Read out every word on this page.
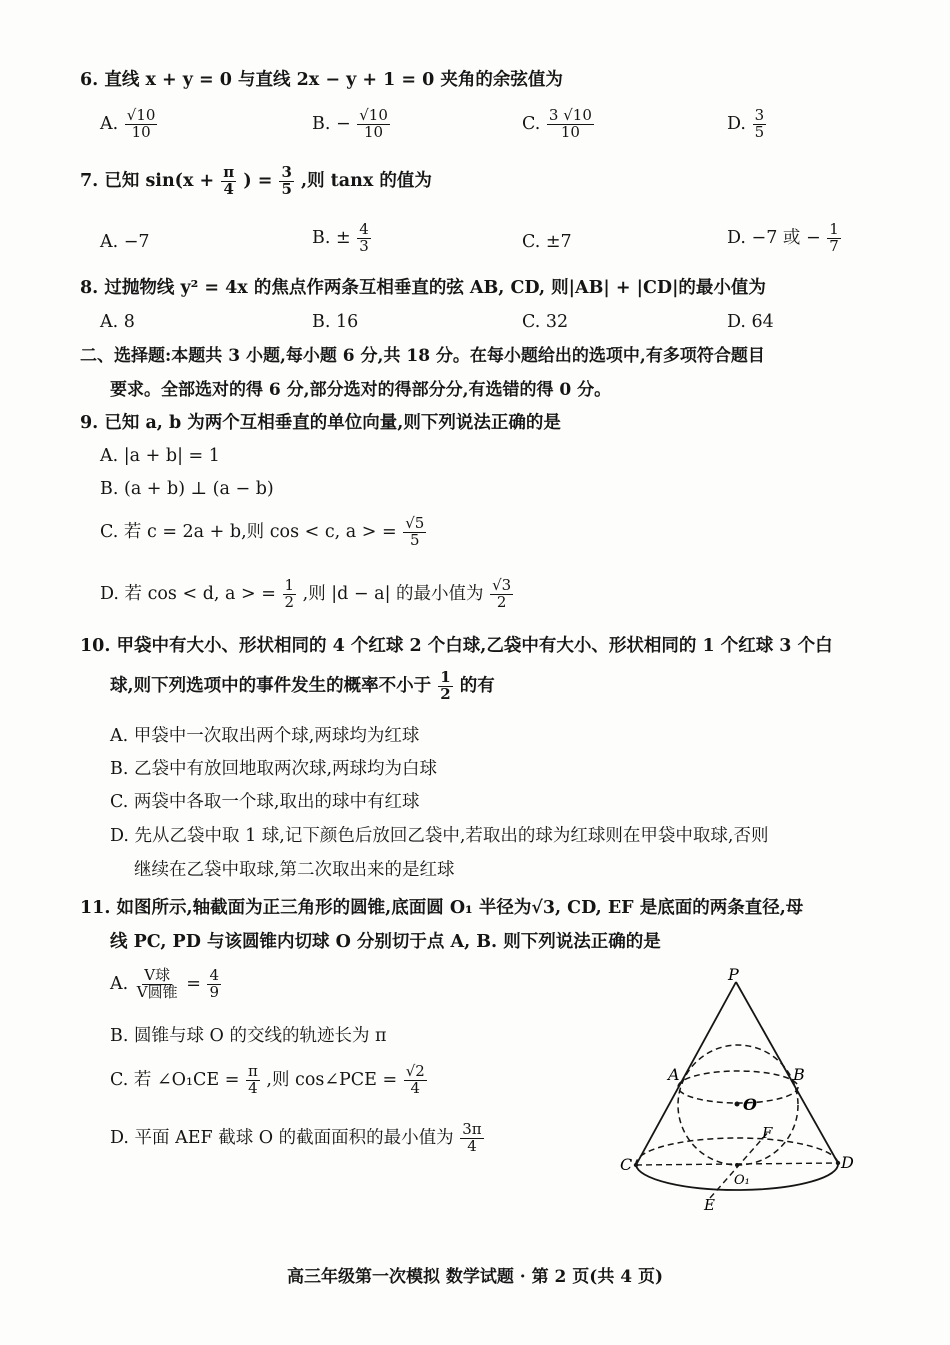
6. 直线 x + y = 0 与直线 2x − y + 1 = 0 夹角的余弦值为
A. $\frac{√10}{10}$	B. − $\frac{√10}{10}$	C. $\frac{3 √10}{10}$	D. $\frac{3}{5}$
7. 已知 $\sin(x + \frac{\pi}{4}$ ) = $\frac{3}{5}$ ,则 tanx 的值为
A. −7	B. ± $\frac{4}{3}$	C. ±7	D. −7 或 − $\frac{1}{7}$
8. 过抛物线 y² = 4x 的焦点作两条互相垂直的弦 AB, CD, 则|AB| + |CD|的最小值为
A. 8	B. 16	C. 32	D. 64
二、选择题:本题共 3 小题,每小题 6 分,共 18 分。在每小题给出的选项中,有多项符合题目
要求。全部选对的得 6 分,部分选对的得部分分,有选错的得 0 分。
9. 已知 a, b 为两个互相垂直的单位向量,则下列说法正确的是
A. |a + b| = 1
B. (a + b) ⊥ (a − b)
C. 若 c = 2a + b,则 cos < c, a > = $\frac{√5}{5}$
D. 若 cos < d, a > = $\frac{1}{2}$ ,则 |d − a| 的最小值为 $\frac{√3}{2}$
10. 甲袋中有大小、形状相同的 4 个红球 2 个白球,乙袋中有大小、形状相同的 1 个红球 3 个白
球,则下列选项中的事件发生的概率不小于 $\frac{1}{2}$ 的有
A. 甲袋中一次取出两个球,两球均为红球
B. 乙袋中有放回地取两次球,两球均为白球
C. 两袋中各取一个球,取出的球中有红球
D. 先从乙袋中取 1 球,记下颜色后放回乙袋中,若取出的球为红球则在甲袋中取球,否则
继续在乙袋中取球,第二次取出来的是红球
11. 如图所示,轴截面为正三角形的圆锥,底面圆 O₁ 半径为√3, CD, EF 是底面的两条直径,母
线 PC, PD 与该圆锥内切球 O 分别切于点 A, B. 则下列说法正确的是
A. $\frac{\text{V球}}{\text{V圆锥}} = \frac{4}{9}$
B. 圆锥与球 O 的交线的轨迹长为 π
C. 若 ∠O₁CE = $\frac{\pi}{4}$ ,则 cos∠PCE = $\frac{√2}{4}$
D. 平面 AEF 截球 O 的截面面积的最小值为 $\frac{3\pi}{4}$
P
A	B
O
F
C	D
O₁
E
高三年级第一次模拟 数学试题 · 第 2 页(共 4 页)
